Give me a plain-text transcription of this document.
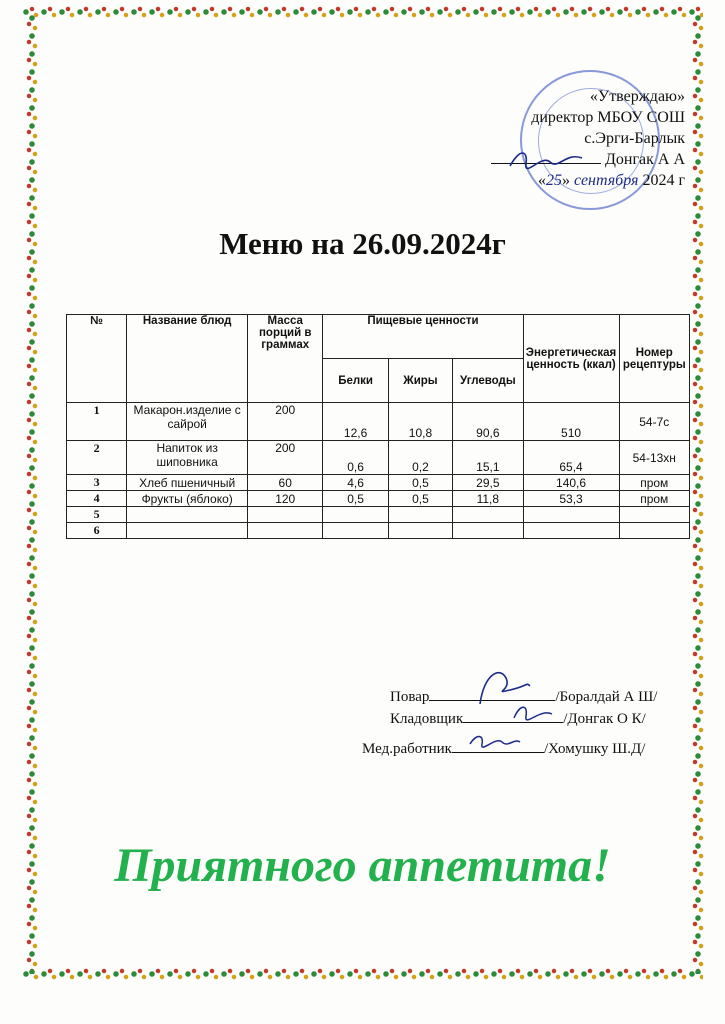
«Утверждаю»
директор МБОУ СОШ
с.Эрги-Барлык
Донгак А А
«25» сентября 2024 г
Меню на 26.09.2024г
№	Название блюд	Масса порций в граммах	Пищевые ценности			Энергетическая ценность (ккал)	Номер рецептуры
			Белки	Жиры	Углеводы		
1	Макарон.изделие с сайрой	200	12,6	10,8	90,6	510	54-7с
2	Напиток из шиповника	200	0,6	0,2	15,1	65,4	54-13хн
3	Хлеб пшеничный	60	4,6	0,5	29,5	140,6	пром
4	Фрукты (яблоко)	120	0,5	0,5	11,8	53,3	пром
5							
6							
Повар	/Боралдай А Ш/
Кладовщик	/Донгак О К/
Мед.работник	/Хомушку Ш.Д/
Приятного аппетита!
